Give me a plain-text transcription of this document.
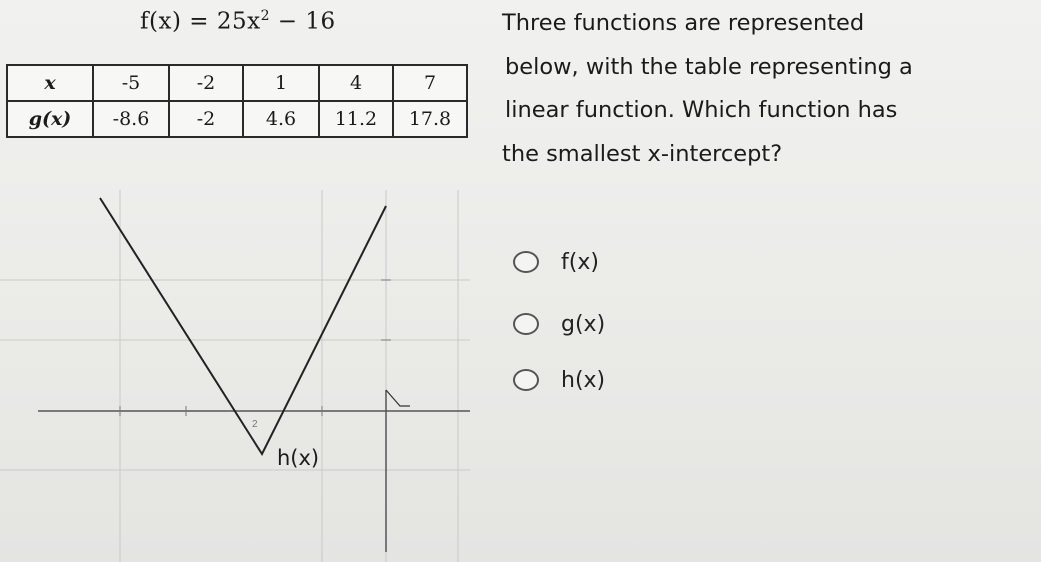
$f(x) = 25x^2 - 16$	Three functions are represented
below, with the table representing a
linear function. Which function has
the smallest x-intercept?
x	-5	-2	1	4	7
g(x)	-8.6	-2	4.6	11.2	17.8
2
h(x)
f(x)
g(x)
h(x)
